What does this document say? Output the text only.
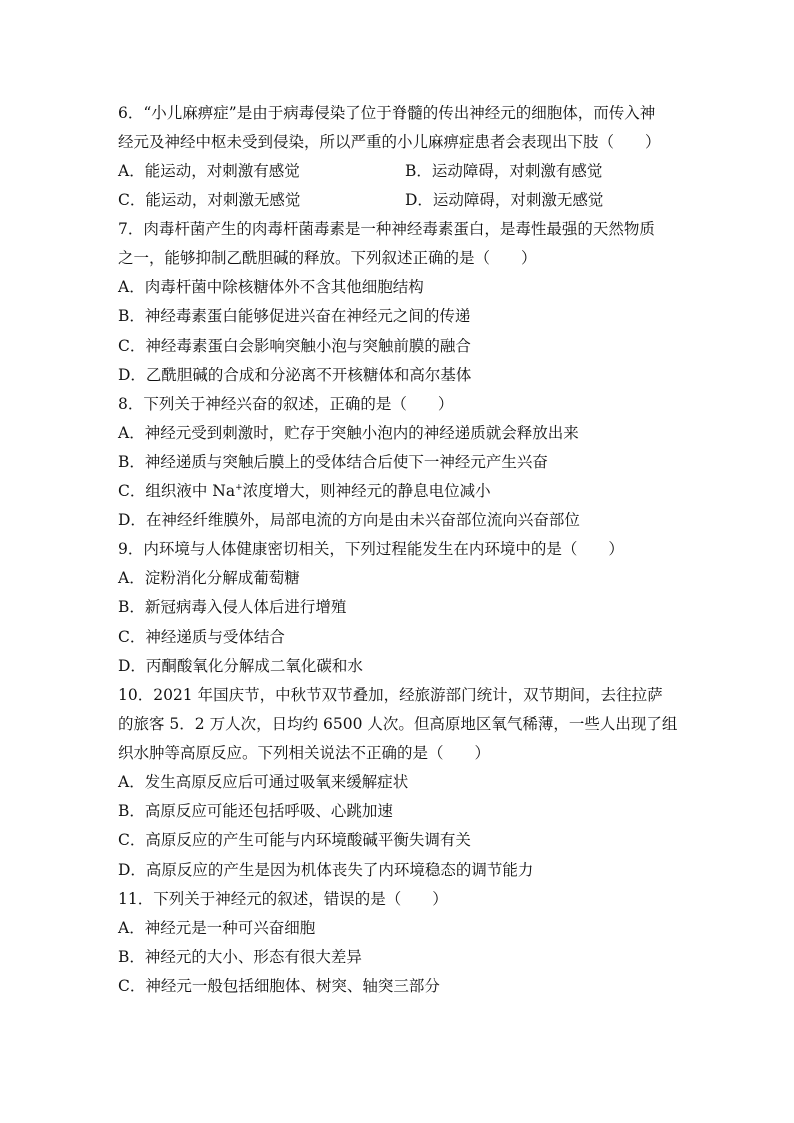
6．“小儿麻痹症”是由于病毒侵染了位于脊髓的传出神经元的细胞体，而传入神
经元及神经中枢未受到侵染，所以严重的小儿麻痹症患者会表现出下肢（　　）
A．能运动，对刺激有感觉	B．运动障碍，对刺激有感觉
C．能运动，对刺激无感觉	D．运动障碍，对刺激无感觉
7．肉毒杆菌产生的肉毒杆菌毒素是一种神经毒素蛋白，是毒性最强的天然物质
之一，能够抑制乙酰胆碱的释放。下列叙述正确的是（　　）
A．肉毒杆菌中除核糖体外不含其他细胞结构
B．神经毒素蛋白能够促进兴奋在神经元之间的传递
C．神经毒素蛋白会影响突触小泡与突触前膜的融合
D．乙酰胆碱的合成和分泌离不开核糖体和高尔基体
8．下列关于神经兴奋的叙述，正确的是（　　）
A．神经元受到刺激时，贮存于突触小泡内的神经递质就会释放出来
B．神经递质与突触后膜上的受体结合后使下一神经元产生兴奋
C．组织液中 Na+浓度增大，则神经元的静息电位减小
D．在神经纤维膜外，局部电流的方向是由未兴奋部位流向兴奋部位
9．内环境与人体健康密切相关，下列过程能发生在内环境中的是（　　）
A．淀粉消化分解成葡萄糖
B．新冠病毒入侵人体后进行增殖
C．神经递质与受体结合
D．丙酮酸氧化分解成二氧化碳和水
10．2021 年国庆节，中秋节双节叠加，经旅游部门统计，双节期间，去往拉萨
的旅客 5．2 万人次，日均约 6500 人次。但高原地区氧气稀薄，一些人出现了组
织水肿等高原反应。下列相关说法不正确的是（　　）
A．发生高原反应后可通过吸氧来缓解症状
B．高原反应可能还包括呼吸、心跳加速
C．高原反应的产生可能与内环境酸碱平衡失调有关
D．高原反应的产生是因为机体丧失了内环境稳态的调节能力
11．下列关于神经元的叙述，错误的是（　　）
A．神经元是一种可兴奋细胞
B．神经元的大小、形态有很大差异
C．神经元一般包括细胞体、树突、轴突三部分
